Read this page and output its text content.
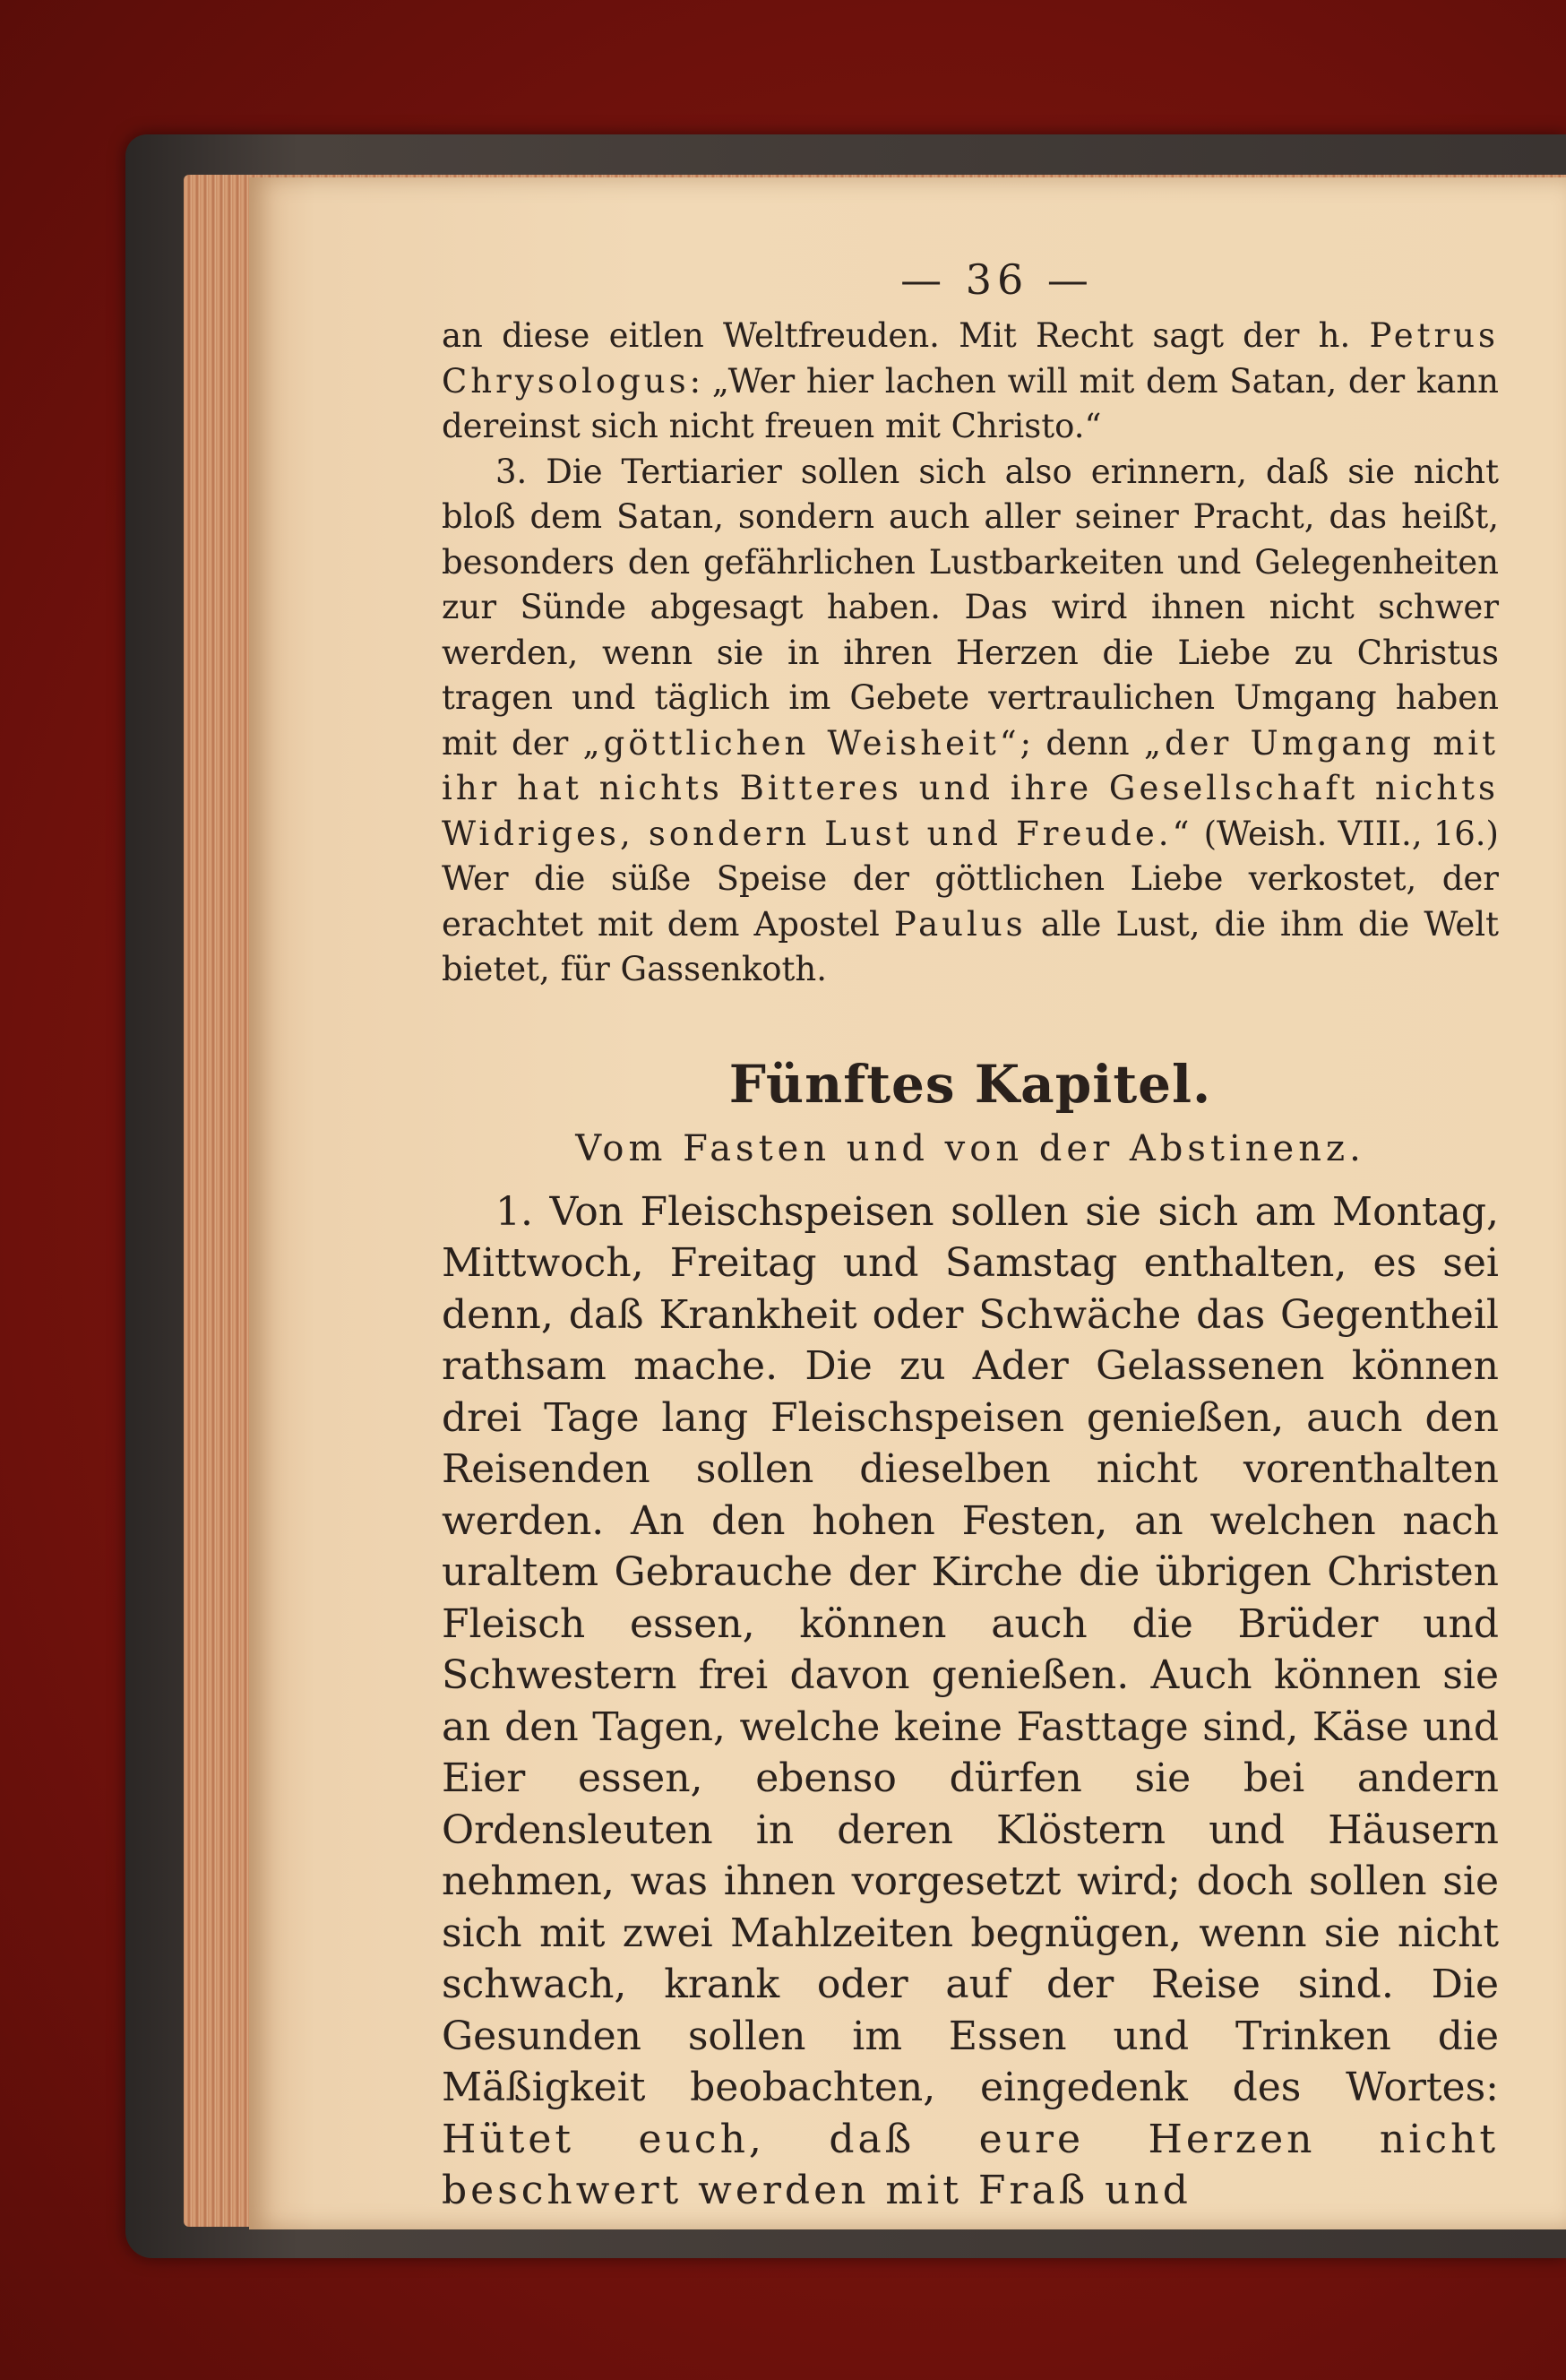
— 36 —

an diese eitlen Weltfreuden. Mit Recht sagt der h. Petrus Chrysologus: „Wer hier lachen will mit dem Satan, der kann dereinst sich nicht freuen mit Christo.“

3. Die Tertiarier sollen sich also erinnern, daß sie nicht bloß dem Satan, sondern auch aller seiner Pracht, das heißt, besonders den gefährlichen Lustbarkeiten und Gelegenheiten zur Sünde abgesagt haben. Das wird ihnen nicht schwer werden, wenn sie in ihren Herzen die Liebe zu Christus tragen und täglich im Gebete vertraulichen Umgang haben mit der „göttlichen Weisheit“; denn „der Umgang mit ihr hat nichts Bitteres und ihre Gesellschaft nichts Widriges, sondern Lust und Freude.“ (Weish. VIII., 16.) Wer die süße Speise der göttlichen Liebe verkostet, der erachtet mit dem Apostel Paulus alle Lust, die ihm die Welt bietet, für Gassenkoth.

Fünftes Kapitel.
Vom Fasten und von der Abstinenz.

1. Von Fleischspeisen sollen sie sich am Montag, Mittwoch, Freitag und Samstag enthalten, es sei denn, daß Krankheit oder Schwäche das Gegentheil rathsam mache. Die zu Ader Gelassenen können drei Tage lang Fleischspeisen genießen, auch den Reisenden sollen dieselben nicht vorenthalten werden. An den hohen Festen, an welchen nach uraltem Gebrauche der Kirche die übrigen Christen Fleisch essen, können auch die Brüder und Schwestern frei davon genießen. Auch können sie an den Tagen, welche keine Fasttage sind, Käse und Eier essen, ebenso dürfen sie bei andern Ordensleuten in deren Klöstern und Häusern nehmen, was ihnen vorgesetzt wird; doch sollen sie sich mit zwei Mahlzeiten begnügen, wenn sie nicht schwach, krank oder auf der Reise sind. Die Gesunden sollen im Essen und Trinken die Mäßigkeit beobachten, eingedenk des Wortes: Hütet euch, daß eure Herzen nicht beschwert werden mit Fraß und
